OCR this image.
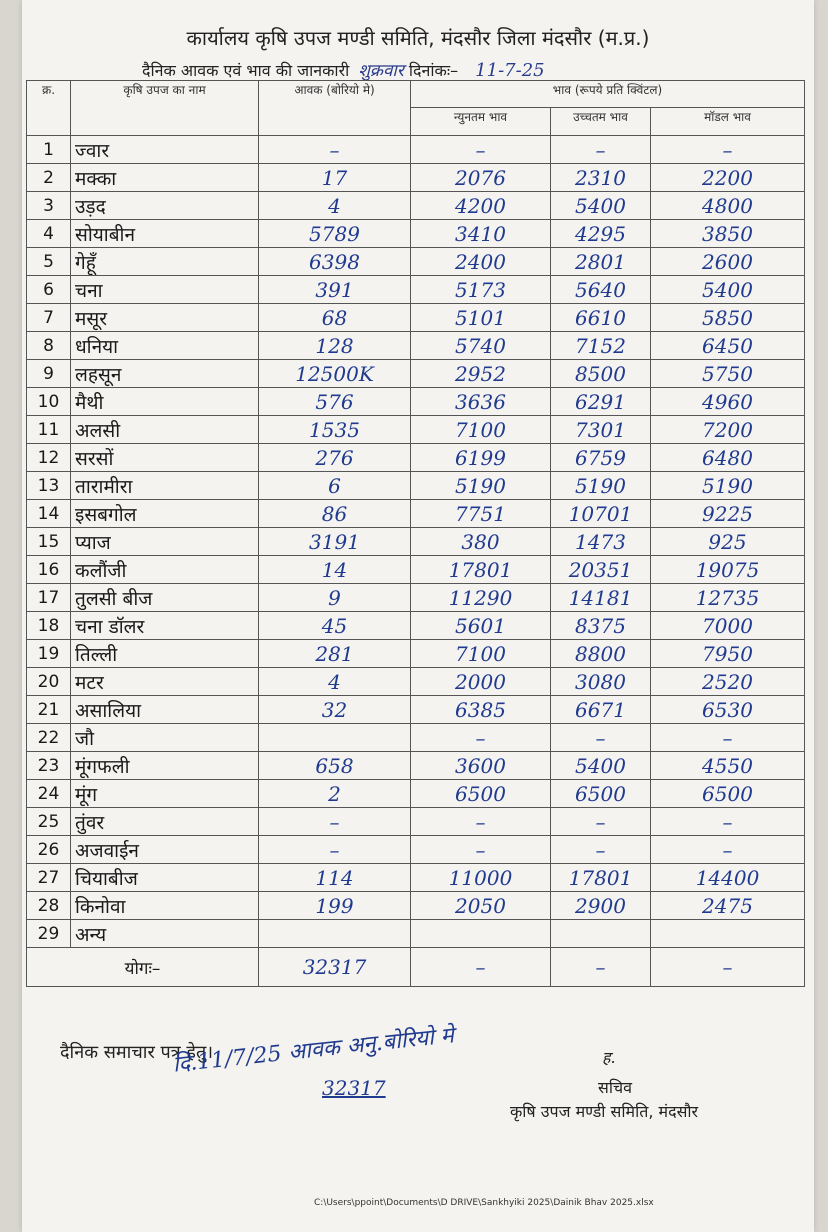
कार्यालय कृषि उपज मण्डी समिति, मंदसौर जिला मंदसौर (म.प्र.)
दैनिक आवक एवं भाव की जानकारी शुक्रवार दिनांकः– 11-7-25
क्र.	कृषि उपज का नाम	आवक (बोरियो मे)	भाव (रूपये प्रति क्विंटल)		
			न्युनतम भाव	उच्चतम भाव	मॉडल भाव
1	ज्वार	–	–	–	–
2	मक्का	17	2076	2310	2200
3	उड़द	4	4200	5400	4800
4	सोयाबीन	5789	3410	4295	3850
5	गेहूँ	6398	2400	2801	2600
6	चना	391	5173	5640	5400
7	मसूर	68	5101	6610	5850
8	धनिया	128	5740	7152	6450
9	लहसून	12500K	2952	8500	5750
10	मैथी	576	3636	6291	4960
11	अलसी	1535	7100	7301	7200
12	सरसों	276	6199	6759	6480
13	तारामीरा	6	5190	5190	5190
14	इसबगोल	86	7751	10701	9225
15	प्याज	3191	380	1473	925
16	कलौंजी	14	17801	20351	19075
17	तुलसी बीज	9	11290	14181	12735
18	चना डॉलर	45	5601	8375	7000
19	तिल्ली	281	7100	8800	7950
20	मटर	4	2000	3080	2520
21	असालिया	32	6385	6671	6530
22	जौ		–	–	–
23	मूंगफली	658	3600	5400	4550
24	मूंग	2	6500	6500	6500
25	तुंवर	–	–	–	–
26	अजवाईन	–	–	–	–
27	चियाबीज	114	11000	17801	14400
28	किनोवा	199	2050	2900	2475
29	अन्य				
योगः–		32317	–	–	–
दैनिक समाचार पत्र हेतु।
दि.11/7/25 आवक अनु.बोरियो मे
32317
ह.
सचिव
कृषि उपज मण्डी समिति, मंदसौर
C:\Users\ppoint\Documents\D DRIVE\Sankhyiki 2025\Dainik Bhav 2025.xlsx
